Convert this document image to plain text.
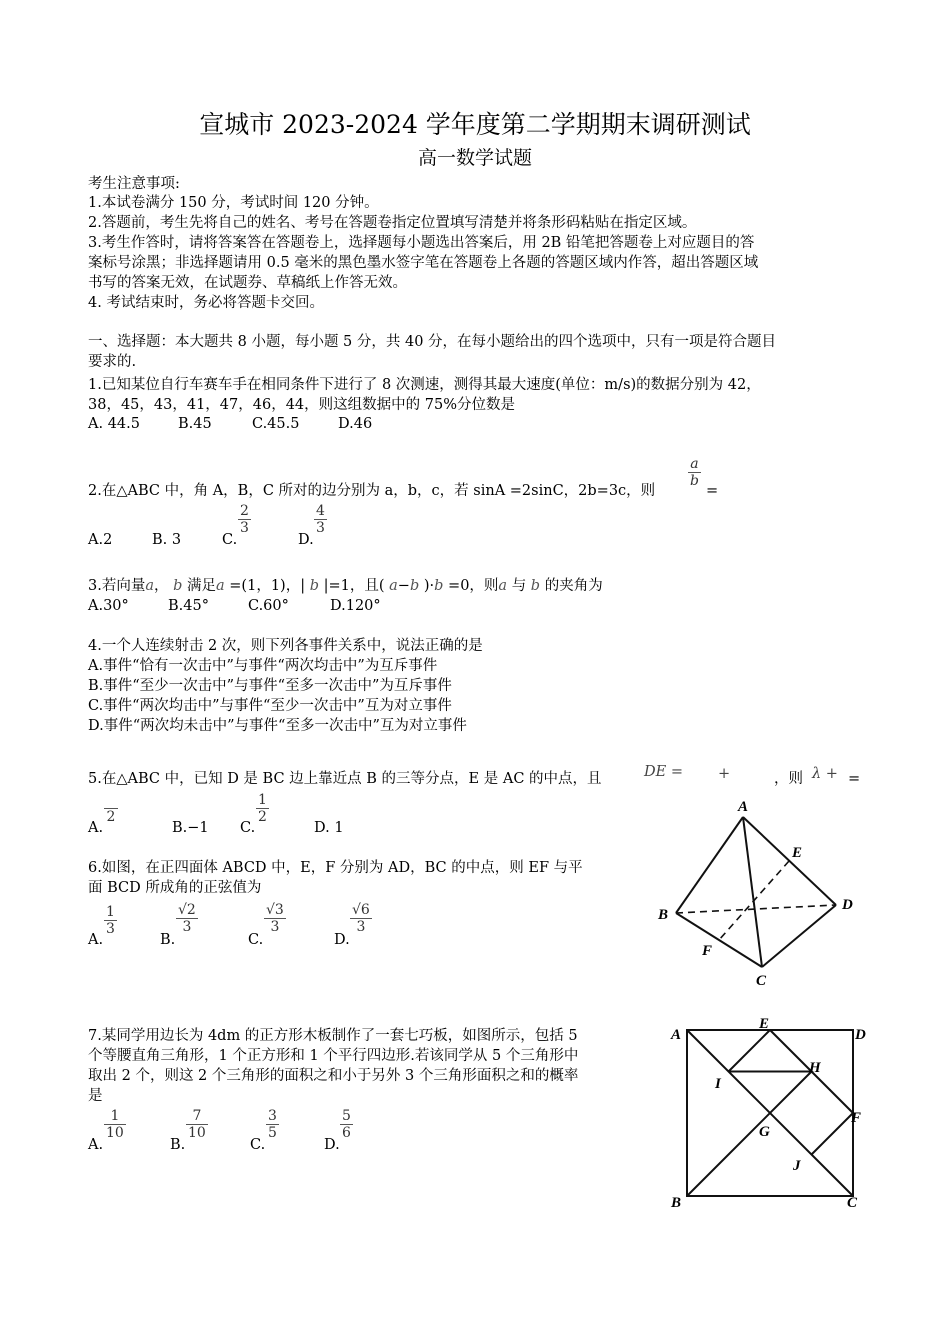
宣城市 2023-2024 学年度第二学期期末调研测试
高一数学试题
考生注意事项:
1.本试卷满分 150 分，考试时间 120 分钟。
2.答题前，考生先将自己的姓名、考号在答题卷指定位置填写清楚并将条形码粘贴在指定区域。
3.考生作答时，请将答案答在答题卷上，选择题每小题选出答案后，用 2B 铅笔把答题卷上对应题目的答
案标号涂黑；非选择题请用 0.5 毫米的黑色墨水签字笔在答题卷上各题的答题区域内作答，超出答题区域
书写的答案无效，在试题券、草稿纸上作答无效。
4. 考试结束时，务必将答题卡交回。
一、选择题：本大题共 8 小题，每小题 5 分，共 40 分，在每小题给出的四个选项中，只有一项是符合题目
要求的.
1.已知某位自行车赛车手在相同条件下进行了 8 次测速，测得其最大速度(单位：m/s)的数据分别为 42，
38，45，43，41，47，46，44，则这组数据中的 75%分位数是
A. 44.5	B.45	C.45.5	D.46
2.在△ABC 中，角 A，B，C 所对的边分别为 a，b，c，若 sinA =2sinC，2b=3c，则
$\frac{a}{b}$
=
A.2	B. 3	C.
$\frac{2}{3}$
D.
$\frac{4}{3}$
3.若向量a， b 满足a =(1，1)，| b |=1，且( a−b )·b =0，则a 与 b 的夹角为
A.30°	B.45°	C.60°	D.120°
4.一个人连续射击 2 次，则下列各事件关系中，说法正确的是
A.事件“恰有一次击中”与事件“两次均击中”为互斥事件
B.事件“至少一次击中”与事件“至多一次击中”为互斥事件
C.事件“两次均击中”与事件“至少一次击中”互为对立事件
D.事件“两次均未击中”与事件“至多一次击中”互为对立事件
5.在△ABC 中，已知 D 是 BC 边上靠近点 B 的三等分点，E 是 AC 的中点，且	DE = +	，则 λ + =
A.
2
B.−1 C.
$\frac{1}{2}$
D. 1
6.如图，在正四面体 ABCD 中，E，F 分别为 AD，BC 的中点，则 EF 与平
面 BCD 所成角的正弦值为
A.
$\frac{1}{3}$
B.
$\frac{√2}{3}$
C.
$\frac{√3}{3}$
D.
$\frac{√6}{3}$
A
B
C
D
E
F
7.某同学用边长为 4dm 的正方形木板制作了一套七巧板，如图所示，包括 5
个等腰直角三角形，1 个正方形和 1 个平行四边形.若该同学从 5 个三角形中
取出 2 个，则这 2 个三角形的面积之和小于另外 3 个三角形面积之和的概率
是
A.
$\frac{1}{10}$
B.
$\frac{7}{10}$
C.
$\frac{3}{5}$
D.
$\frac{5}{6}$
A
E
D
H
I
F
G
J
B	C
